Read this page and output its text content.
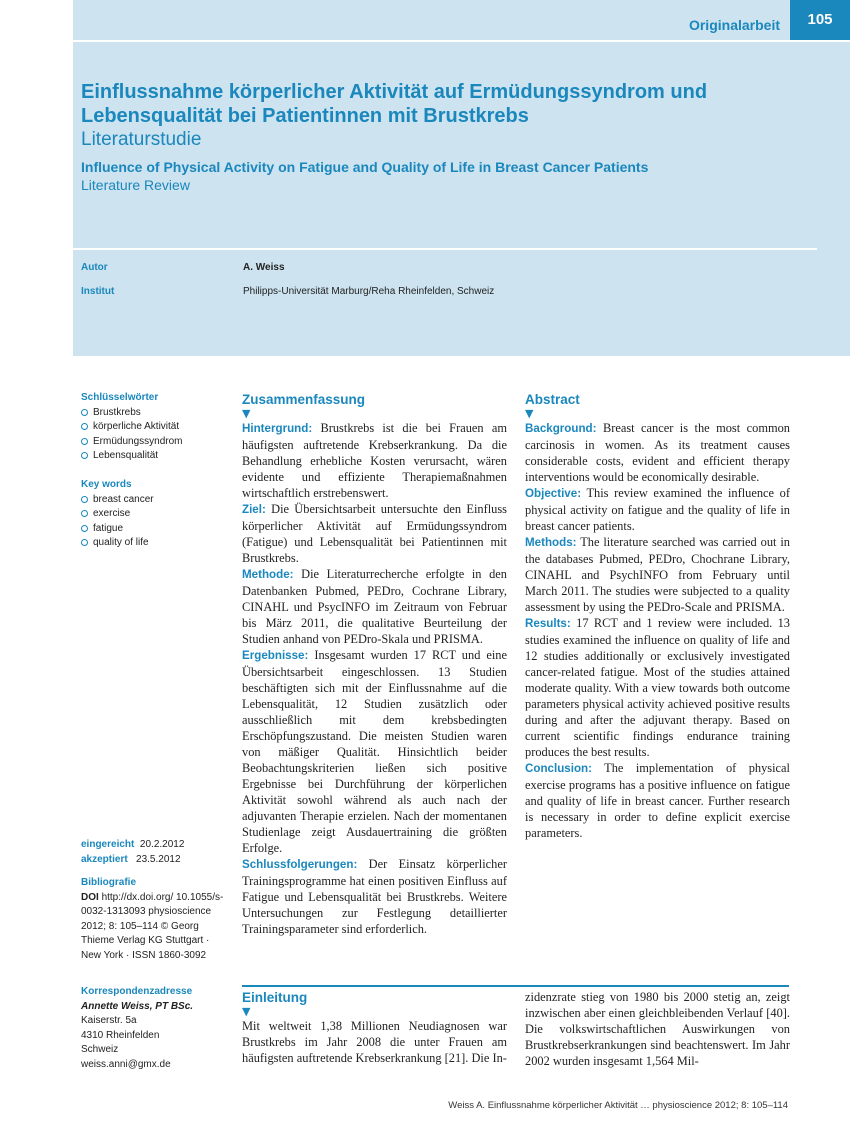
Originalarbeit	105
Einflussnahme körperlicher Aktivität auf Ermüdungssyndrom und Lebensqualität bei Patientinnen mit Brustkrebs
Literaturstudie
Influence of Physical Activity on Fatigue and Quality of Life in Breast Cancer Patients
Literature Review
Autor	A. Weiss
Institut	Philipps-Universität Marburg/Reha Rheinfelden, Schweiz
Schlüsselwörter
Brustkrebs
körperliche Aktivität
Ermüdungssyndrom
Lebensqualität
Key words
breast cancer
exercise
fatigue
quality of life
eingereicht 20.2.2012
akzeptiert 23.5.2012
Bibliografie
DOI http://dx.doi.org/ 10.1055/s-0032-1313093 physioscience 2012; 8: 105–114 © Georg Thieme Verlag KG Stuttgart · New York · ISSN 1860-3092
Korrespondenzadresse
Annette Weiss, PT BSc.
Kaiserstr. 5a
4310 Rheinfelden
Schweiz
weiss.anni@gmx.de
Zusammenfassung
▼

Hintergrund: Brustkrebs ist die bei Frauen am häufigsten auftretende Krebserkrankung. Da die Behandlung erhebliche Kosten verursacht, wären evidente und effiziente Therapiemaßnahmen wirtschaftlich erstrebenswert.

Ziel: Die Übersichtsarbeit untersuchte den Einfluss körperlicher Aktivität auf Ermüdungssyndrom (Fatigue) und Lebensqualität bei Patientinnen mit Brustkrebs.

Methode: Die Literaturrecherche erfolgte in den Datenbanken Pubmed, PEDro, Cochrane Library, CINAHL und PsycINFO im Zeitraum von Februar bis März 2011, die qualitative Beurteilung der Studien anhand von PEDro-Skala und PRISMA.

Ergebnisse: Insgesamt wurden 17 RCT und eine Übersichtsarbeit eingeschlossen. 13 Studien beschäftigten sich mit der Einflussnahme auf die Lebensqualität, 12 Studien zusätzlich oder ausschließlich mit dem krebsbedingten Erschöpfungszustand. Die meisten Studien waren von mäßiger Qualität. Hinsichtlich beider Beobachtungskriterien ließen sich positive Ergebnisse bei Durchführung der körperlichen Aktivität sowohl während als auch nach der adjuvanten Therapie erzielen. Nach der momentanen Studienlage zeigt Ausdauertraining die größten Erfolge.

Schlussfolgerungen: Der Einsatz körperlicher Trainingsprogramme hat einen positiven Einfluss auf Fatigue und Lebensqualität bei Brustkrebs. Weitere Untersuchungen zur Festlegung detaillierter Trainingsparameter sind erforderlich.

Abstract
▼

Background: Breast cancer is the most common carcinosis in women. As its treatment causes considerable costs, evident and efficient therapy interventions would be economically desirable.

Objective: This review examined the influence of physical activity on fatigue and the quality of life in breast cancer patients.

Methods: The literature searched was carried out in the databases Pubmed, PEDro, Chochrane Library, CINAHL and PsychINFO from February until March 2011. The studies were subjected to a quality assessment by using the PEDro-Scale and PRISMA.

Results: 17 RCT and 1 review were included. 13 studies examined the influence on quality of life and 12 studies additionally or exclusively investigated cancer-related fatigue. Most of the studies attained moderate quality. With a view towards both outcome parameters physical activity achieved positive results during and after the adjuvant therapy. Based on current scientific findings endurance training produces the best results.

Conclusion: The implementation of physical exercise programs has a positive influence on fatigue and quality of life in breast cancer. Further research is necessary in order to define explicit exercise parameters.

Einleitung
▼

Mit weltweit 1,38 Millionen Neudiagnosen war Brustkrebs im Jahr 2008 die unter Frauen am häufigsten auftretende Krebserkrankung [21]. Die In-

zidenzrate stieg von 1980 bis 2000 stetig an, zeigt inzwischen aber einen gleichbleibenden Verlauf [40]. Die volkswirtschaftlichen Auswirkungen von Brustkrebserkrankungen sind beachtenswert. Im Jahr 2002 wurden insgesamt 1,564 Mil-

Weiss A. Einflussnahme körperlicher Aktivität … physioscience 2012; 8: 105–114
